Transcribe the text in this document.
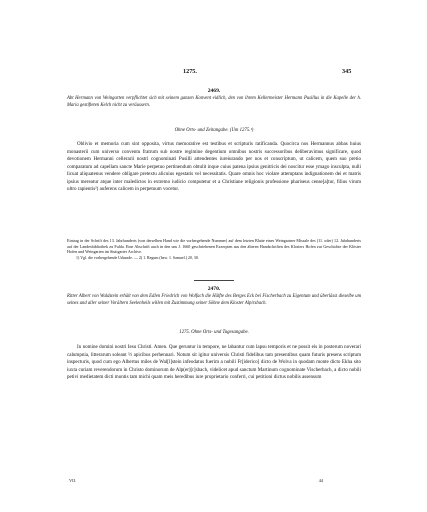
1275.	345
2469.
Abt Hermann von Weingarten verpflichtet sich mit seinem ganzen Konvent eidlich, den von ihrem Kellermeister Hermann Pusillus in die Kapelle der h. Maria gestifteten Kelch nicht zu veräussern.
Ohne Orts- und Zeitangabe. (Um 1275.¹)
Oblivio et memoria cum sint opposita, virtus memorative est testibus et scripturis ratificanda. Quocirca nos Hermannus abbas huius monasterii cum universo conventu fratrum sub nostre regimine degentium omnibus nostris successoribus deliberavimus significare, quod devotionem Hermanni cellerarii nostri cognominati Pusilli attendentes iureiurando per nos et conscriptum, ut calicem, quem suo pretio comparatum ad capellam sancte Marie perpetuo pertinendum obtulit inque cuius patena ipsius genitricis dei noscitur esse ymago insculpta, nulli licuat aliquatenus vendere obligare pretextu alicuius egestatis vel necessitatis. Quare omnis hoc violare attemptans indignationem dei et matris ipsius mereatur atque inter maledictos in extremo iudicio computetur et a Christiane religionis professione phariseus cense[a]tur, filius virum ultro rapientis²) auferens calicem in perpetuum vocetur.
Eintrag in der Schrift des 13. Jahrhunderts (von derselben Hand wie die vorhergehende Nummer) auf dem letzten Blatte eines Weingartner Missale des (11. oder) 12. Jahrhunderts auf der Landesbibliothek zu Fulda. Eine Abschrift auch in den uns J. 1660 geschriebenen Exzerpten aus den älteren Handschriften des Klosters Hofen zur Geschichte der Klöster Hofen und Weingarten im Stuttgarter Archive.
1) Vgl. die vorhergehende Urkunde. — 2) 1. Regum (bzw. 1. Samuel.) 20, 30.
2470.
Ritter Albert von Waldstein erhält von dem Edlen Friedrich von Wolfach die Hälfte des Berges Eck bei Fischerbach zu Eigentum und überlässt dieselbe um seines und aller seiner Vorältern Seelenheils willen mit Zustimmung seiner Söhne dem Kloster Alpirsbach.
1275. Ohne Orts- und Tagesangabe.
In nomine domini nostri Iesu Christi. Amen. Que geruntur in tempore, ne labantur cum lapsu temporis et ne possit eis in posterum noverari calumpnia, litterarum soleant ½ apicibus perhennari. Notum sit igitur universis Christi fidelibus tam presentibus quam futuris presens scriptum inspecturis, quod cum ego Albertus miles de Wal[l]stein infeodatus fuerim a nobili Fr[iderico] dicto de Wolva in quodam monte dicto Ekha sito iuxta curiam reverendorum in Christo dominorum de Alp(er)[r]sbach, videlicet apud sanctum Martinum cognominate Vischerbach, a dicto nobili petivi medietatem dicti montis tam michi quam meis heredibus iure proprietario conferri, cui petitioni dictus nobilis assensum
VII.	44
